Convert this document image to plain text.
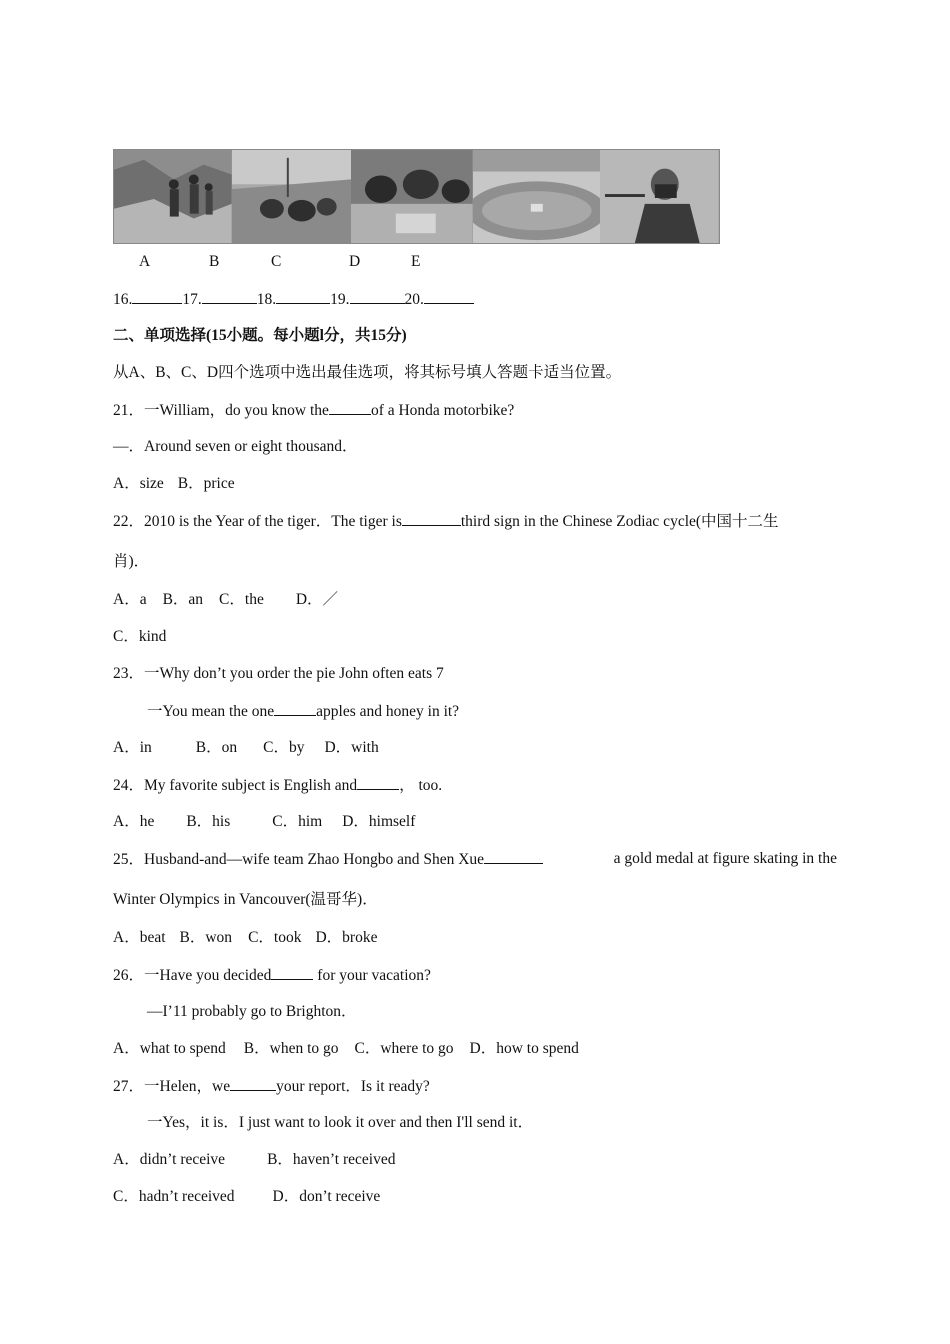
A	B	C	D	E
16.	17.	18.	19.	20.
二、单项选择(15小题。每小题l分，共15分)
从A、B、C、D四个选项中选出最佳选项，将其标号填人答题卡适当位置。
21．一William，do you know the	of a Honda motorbike?
—．Around seven or eight thousand．
A．size B．price
22．2010 is the Year of the tiger．The tiger is	third sign in the Chinese Zodiac cycle(中国十二生
肖)．
A．a B．an C．the D．／
C．kind
23．一Why don’t you order the pie John often eats 7
一You mean the one	apples and honey in it?
A．in	B．on C．by D．with
24．My favorite subject is English and	， too.
A．he B．his	C．him D．himself
25．Husband-and—wife team Zhao Hongbo and Shen Xue	a gold medal at figure skating in the
Winter Olympics in Vancouver(温哥华)．
A．beat B．won C．took D．broke
26．一Have you decided	for your vacation?
—I’11 probably go to Brighton．
A．what to spend B．when to go C．where to go D．how to spend
27．一Helen，we	your report．Is it ready?
一Yes，it is．I just want to look it over and then I'll send it．
A．didn’t receive	B．haven’t received
C．hadn’t received D．don’t receive
